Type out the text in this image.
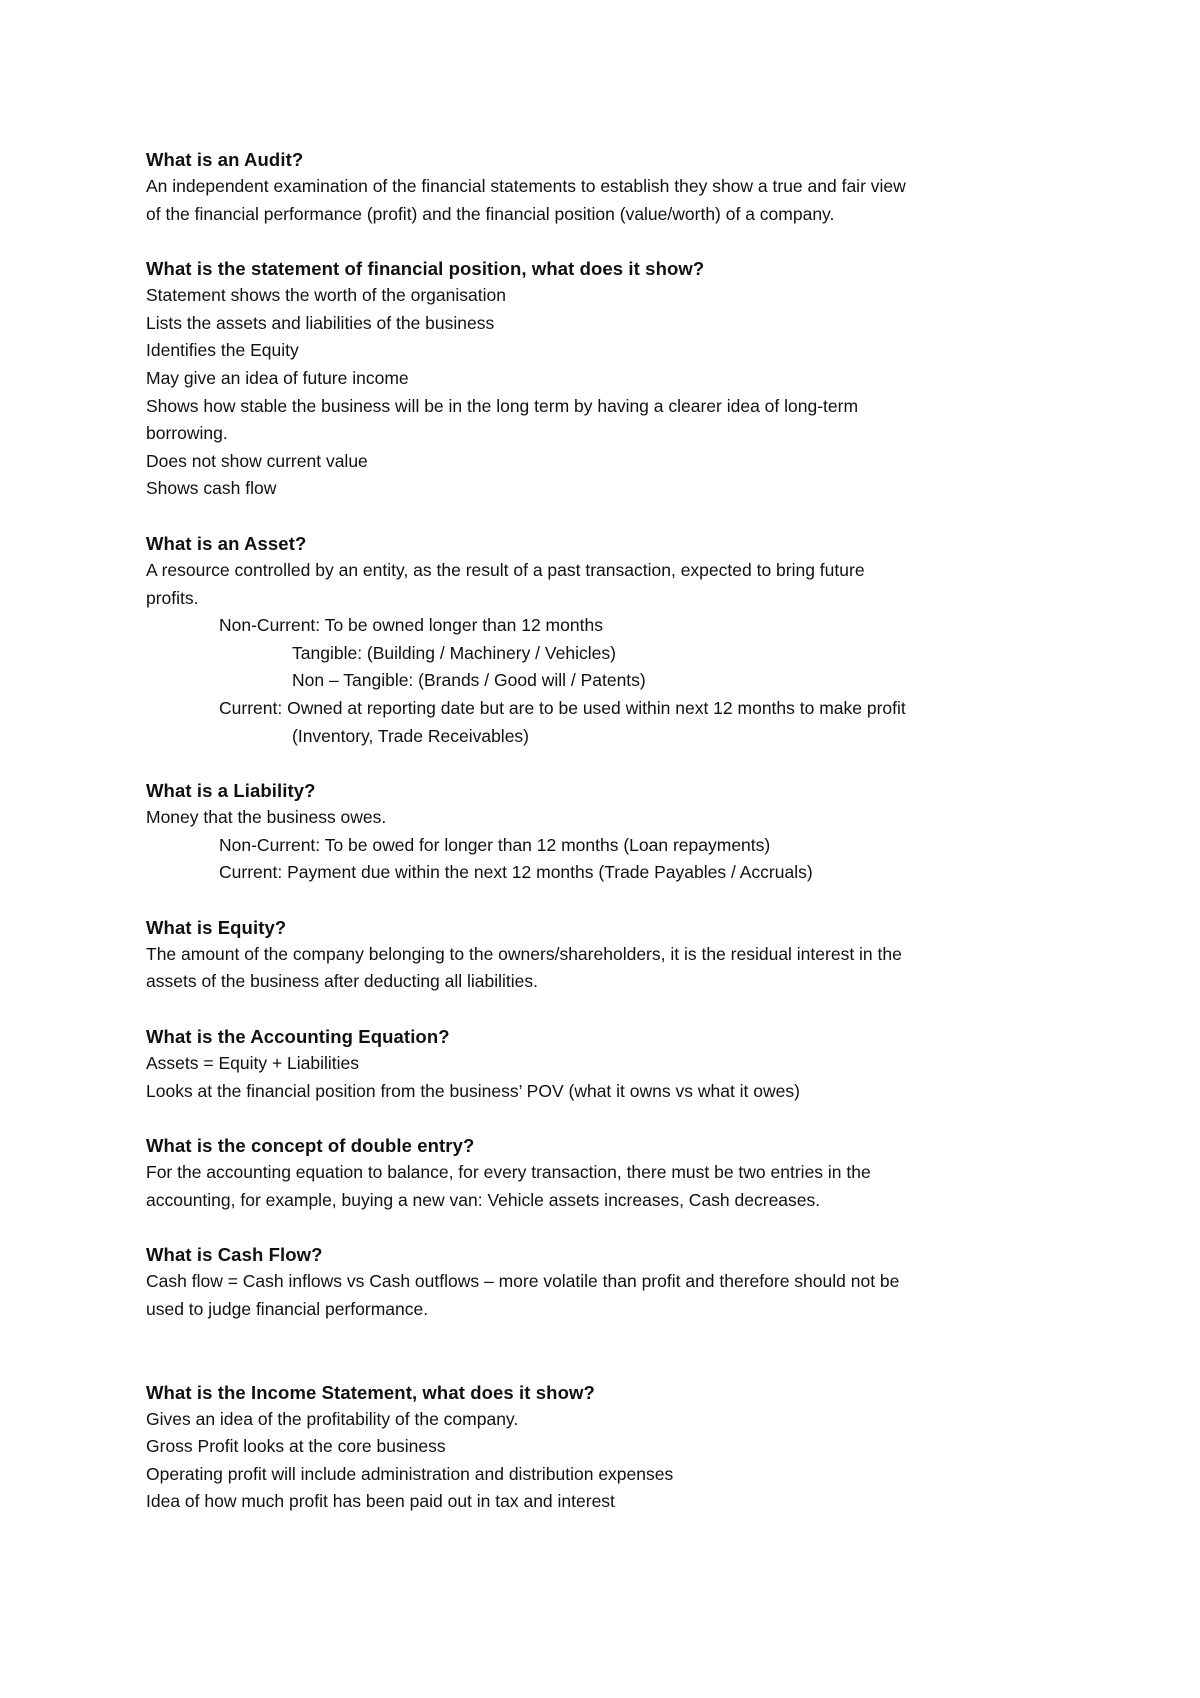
What is an Audit?

An independent examination of the financial statements to establish they show a true and fair view

of the financial performance (profit) and the financial position (value/worth) of a company.

What is the statement of financial position, what does it show?

Statement shows the worth of the organisation

Lists the assets and liabilities of the business

Identifies the Equity

May give an idea of future income

Shows how stable the business will be in the long term by having a clearer idea of long-term

borrowing.

Does not show current value

Shows cash flow

What is an Asset?

A resource controlled by an entity, as the result of a past transaction, expected to bring future

profits.

Non-Current: To be owned longer than 12 months

Tangible: (Building / Machinery / Vehicles)

Non – Tangible: (Brands / Good will / Patents)

Current: Owned at reporting date but are to be used within next 12 months to make profit

(Inventory, Trade Receivables)

What is a Liability?

Money that the business owes.

Non-Current: To be owed for longer than 12 months (Loan repayments)

Current: Payment due within the next 12 months (Trade Payables / Accruals)

What is Equity?

The amount of the company belonging to the owners/shareholders, it is the residual interest in the

assets of the business after deducting all liabilities.

What is the Accounting Equation?

Assets = Equity + Liabilities

Looks at the financial position from the business’ POV (what it owns vs what it owes)

What is the concept of double entry?

For the accounting equation to balance, for every transaction, there must be two entries in the

accounting, for example, buying a new van: Vehicle assets increases, Cash decreases.

What is Cash Flow?

Cash flow = Cash inflows vs Cash outflows – more volatile than profit and therefore should not be

used to judge financial performance.

What is the Income Statement, what does it show?

Gives an idea of the profitability of the company.

Gross Profit looks at the core business

Operating profit will include administration and distribution expenses

Idea of how much profit has been paid out in tax and interest
